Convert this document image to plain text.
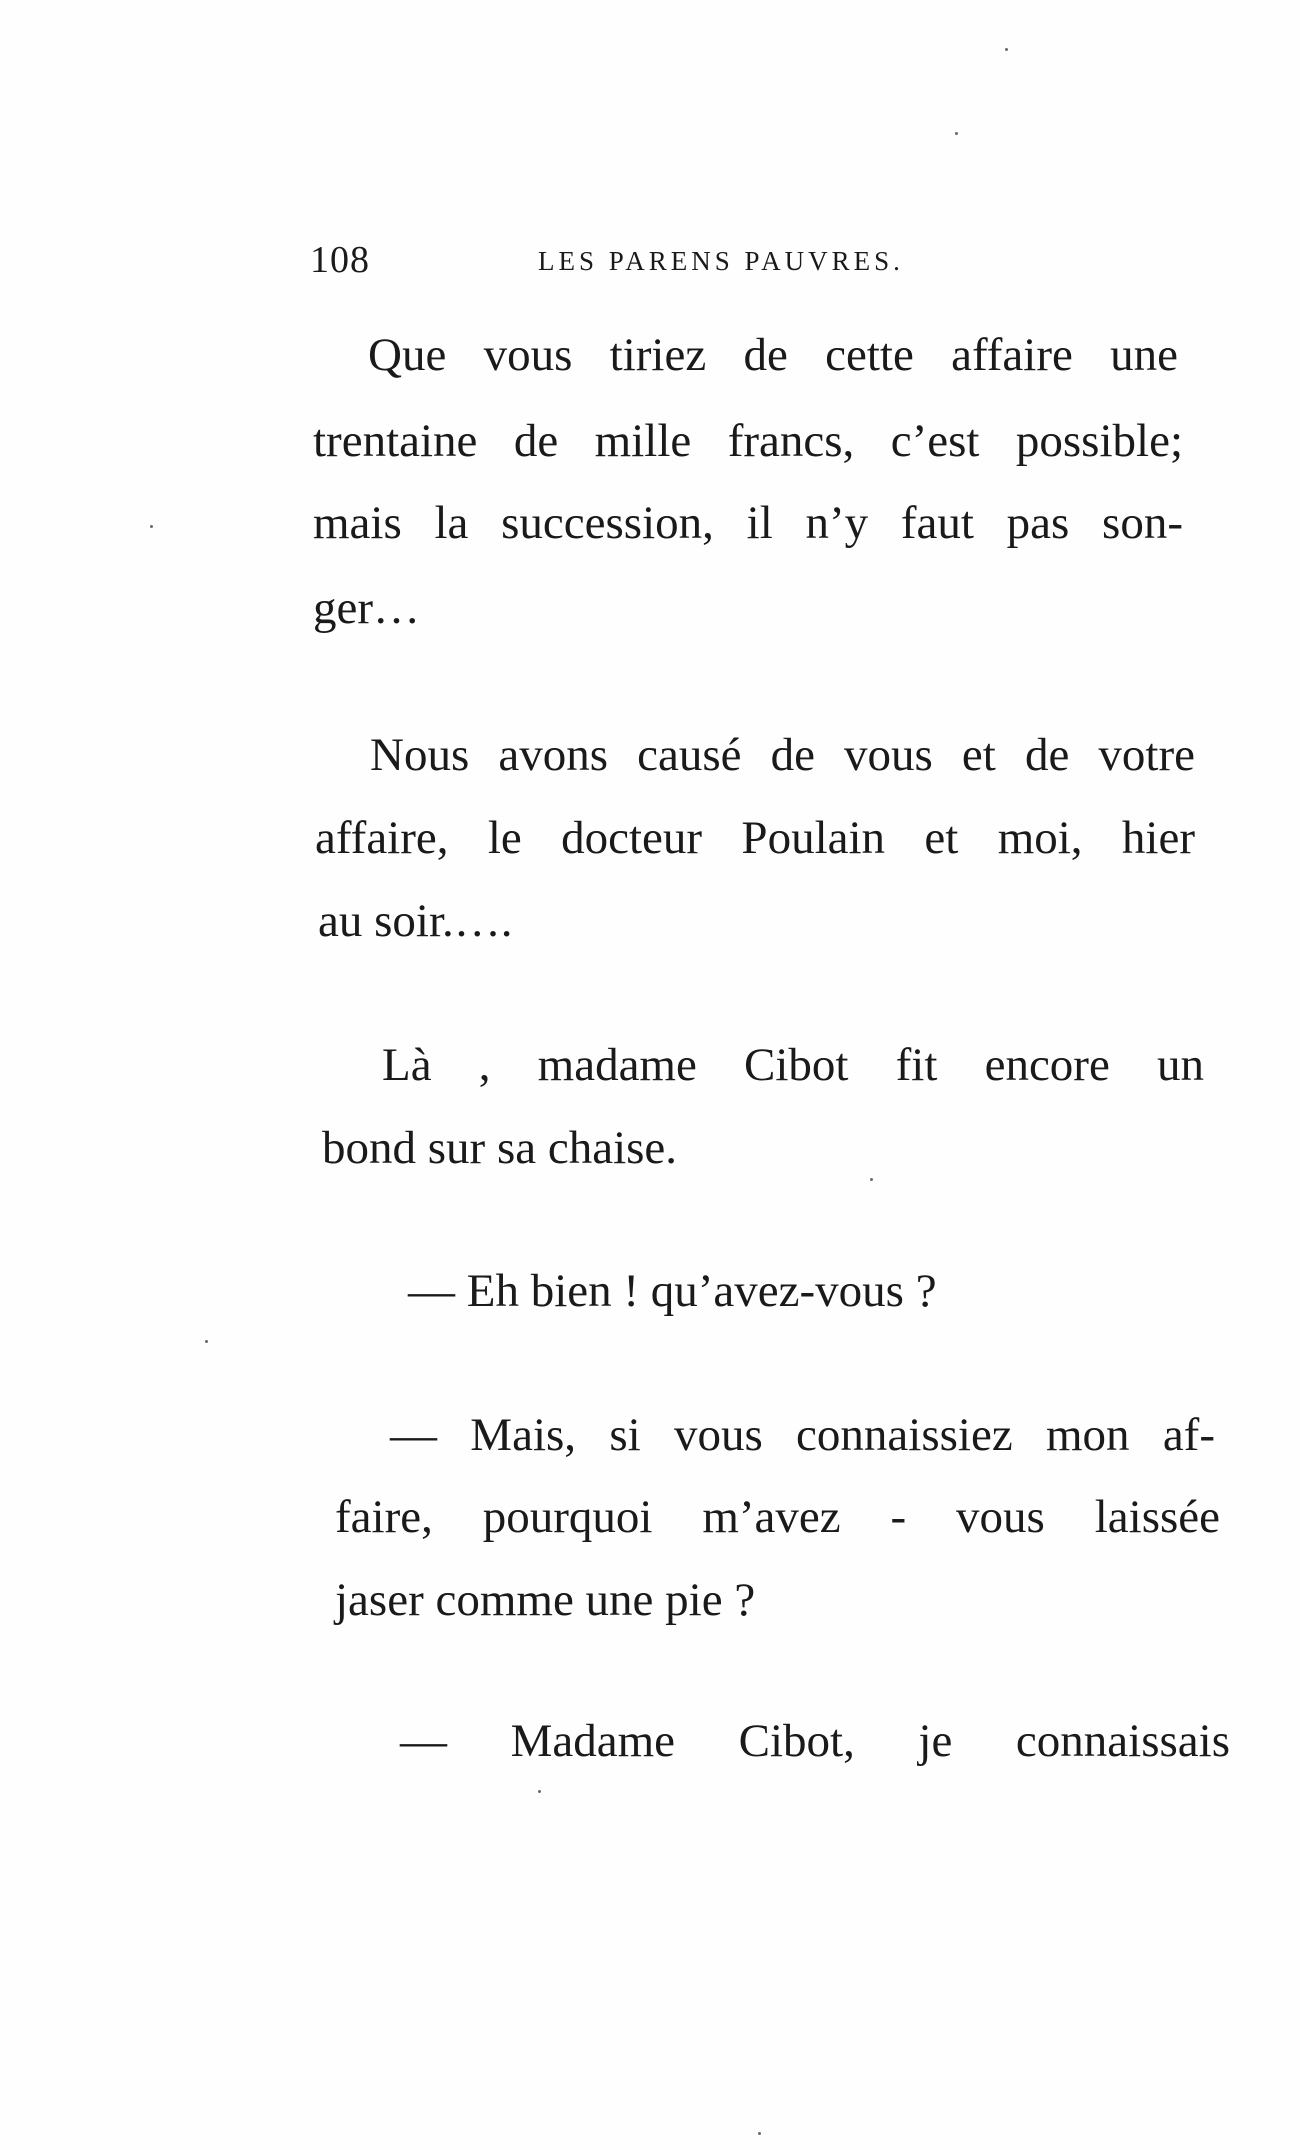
108	LES PARENS PAUVRES.
Que vous tiriez de cette affaire une
trentaine de mille francs, c’est possible;
mais la succession, il n’y faut pas son-
ger…
Nous avons causé de vous et de votre
affaire, le docteur Poulain et moi, hier
au soir.….
Là , madame Cibot fit encore un
bond sur sa chaise.
— Eh bien ! qu’avez-vous ?
— Mais, si vous connaissiez mon af-
faire, pourquoi m’avez - vous laissée
jaser comme une pie ?
— Madame Cibot, je connaissais
